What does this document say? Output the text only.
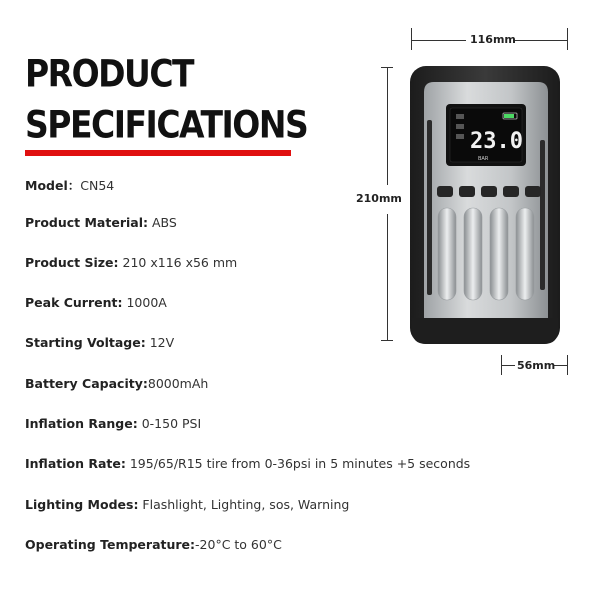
PRODUCT
SPECIFICATIONS
Model：CN54
Product Material: ABS
Product Size: 210 x116 x56 mm
Peak Current: 1000A
Starting Voltage: 12V
Battery Capacity:8000mAh
Inflation Range: 0-150 PSI
Inflation Rate: 195/65/R15 tire from 0-36psi in 5 minutes +5 seconds
Lighting Modes: Flashlight, Lighting, sos, Warning
Operating Temperature:-20°C to 60°C
116mm
210mm
56mm
23.0
BAR
